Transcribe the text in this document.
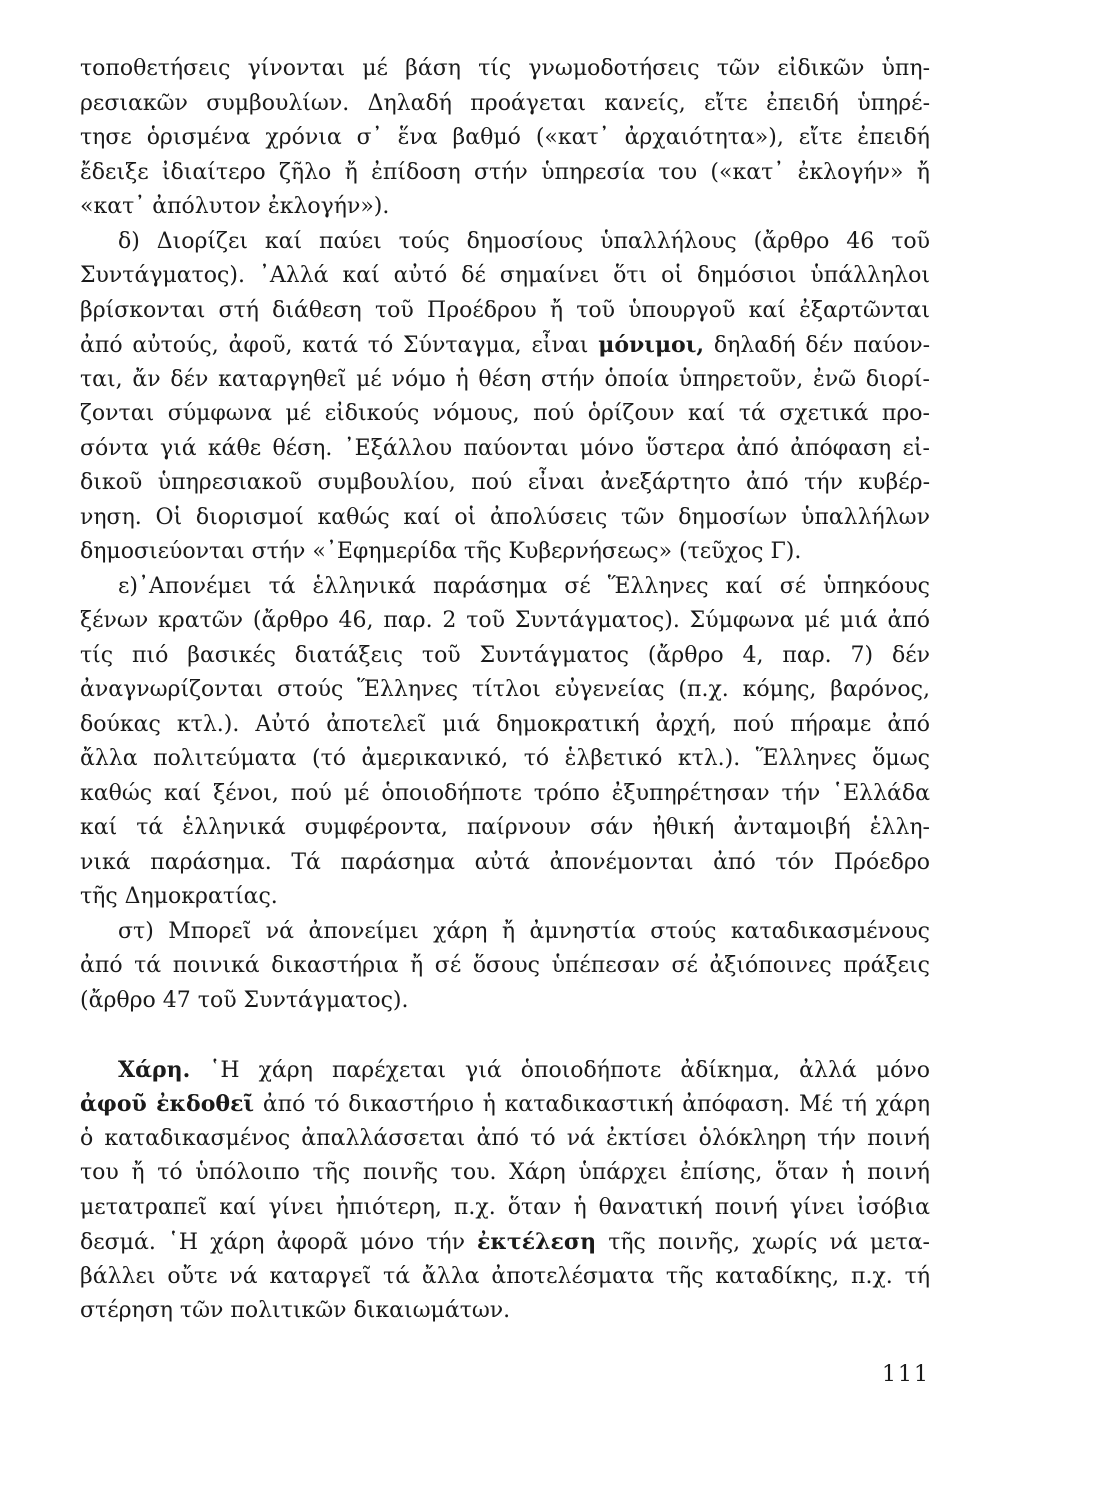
τοποθετήσεις γίνονται μέ βάση τίς γνωμοδοτήσεις τῶν εἰδικῶν ὑπη-
ρεσιακῶν συμβουλίων. Δηλαδή προάγεται κανείς, εἴτε ἐπειδή ὑπηρέ-
τησε ὁρισμένα χρόνια σ᾽ ἕνα βαθμό («κατ᾽ ἀρχαιότητα»), εἴτε ἐπειδή
ἔδειξε ἰδιαίτερο ζῆλο ἤ ἐπίδοση στήν ὑπηρεσία του («κατ᾽ ἐκλογήν» ἤ
«κατ᾽ ἀπόλυτον ἐκλογήν»).
δ) Διορίζει καί παύει τούς δημοσίους ὑπαλλήλους (ἄρθρο 46 τοῦ
Συντάγματος). ᾽Αλλά καί αὐτό δέ σημαίνει ὅτι οἱ δημόσιοι ὑπάλληλοι
βρίσκονται στή διάθεση τοῦ Προέδρου ἤ τοῦ ὑπουργοῦ καί ἐξαρτῶνται
ἀπό αὐτούς, ἀφοῦ, κατά τό Σύνταγμα, εἶναι μόνιμοι, δηλαδή δέν παύον-
ται, ἄν δέν καταργηθεῖ μέ νόμο ἡ θέση στήν ὁποία ὑπηρετοῦν, ἐνῶ διορί-
ζονται σύμφωνα μέ εἰδικούς νόμους, πού ὁρίζουν καί τά σχετικά προ-
σόντα γιά κάθε θέση. ᾽Εξάλλου παύονται μόνο ὕστερα ἀπό ἀπόφαση εἰ-
δικοῦ ὑπηρεσιακοῦ συμβουλίου, πού εἶναι ἀνεξάρτητο ἀπό τήν κυβέρ-
νηση. Οἱ διορισμοί καθώς καί οἱ ἀπολύσεις τῶν δημοσίων ὑπαλλήλων
δημοσιεύονται στήν «᾽Εφημερίδα τῆς Κυβερνήσεως» (τεῦχος Γ).
ε)᾽Απονέμει τά ἑλληνικά παράσημα σέ Ἕλληνες καί σέ ὑπηκόους
ξένων κρατῶν (ἄρθρο 46, παρ. 2 τοῦ Συντάγματος). Σύμφωνα μέ μιά ἀπό
τίς πιό βασικές διατάξεις τοῦ Συντάγματος (ἄρθρο 4, παρ. 7) δέν
ἀναγνωρίζονται στούς Ἕλληνες τίτλοι εὐγενείας (π.χ. κόμης, βαρόνος,
δούκας κτλ.). Αὐτό ἀποτελεῖ μιά δημοκρατική ἀρχή, πού πήραμε ἀπό
ἄλλα πολιτεύματα (τό ἀμερικανικό, τό ἑλβετικό κτλ.). Ἕλληνες ὅμως
καθώς καί ξένοι, πού μέ ὁποιοδήποτε τρόπο ἐξυπηρέτησαν τήν ῾Ελλάδα
καί τά ἑλληνικά συμφέροντα, παίρνουν σάν ἠθική ἀνταμοιβή ἑλλη-
νικά παράσημα. Τά παράσημα αὐτά ἀπονέμονται ἀπό τόν Πρόεδρο
τῆς Δημοκρατίας.
στ) Μπορεῖ νά ἀπονείμει χάρη ἤ ἀμνηστία στούς καταδικασμένους
ἀπό τά ποινικά δικαστήρια ἤ σέ ὅσους ὑπέπεσαν σέ ἀξιόποινες πράξεις
(ἄρθρο 47 τοῦ Συντάγματος).
Χάρη. ῾Η χάρη παρέχεται γιά ὁποιοδήποτε ἀδίκημα, ἀλλά μόνο
ἀφοῦ ἐκδοθεῖ ἀπό τό δικαστήριο ἡ καταδικαστική ἀπόφαση. Μέ τή χάρη
ὁ καταδικασμένος ἀπαλλάσσεται ἀπό τό νά ἐκτίσει ὁλόκληρη τήν ποινή
του ἤ τό ὑπόλοιπο τῆς ποινῆς του. Χάρη ὑπάρχει ἐπίσης, ὅταν ἡ ποινή
μετατραπεῖ καί γίνει ἠπιότερη, π.χ. ὅταν ἡ θανατική ποινή γίνει ἰσόβια
δεσμά. ῾Η χάρη ἀφορᾶ μόνο τήν ἐκτέλεση τῆς ποινῆς, χωρίς νά μετα-
βάλλει οὔτε νά καταργεῖ τά ἄλλα ἀποτελέσματα τῆς καταδίκης, π.χ. τή
στέρηση τῶν πολιτικῶν δικαιωμάτων.
111
